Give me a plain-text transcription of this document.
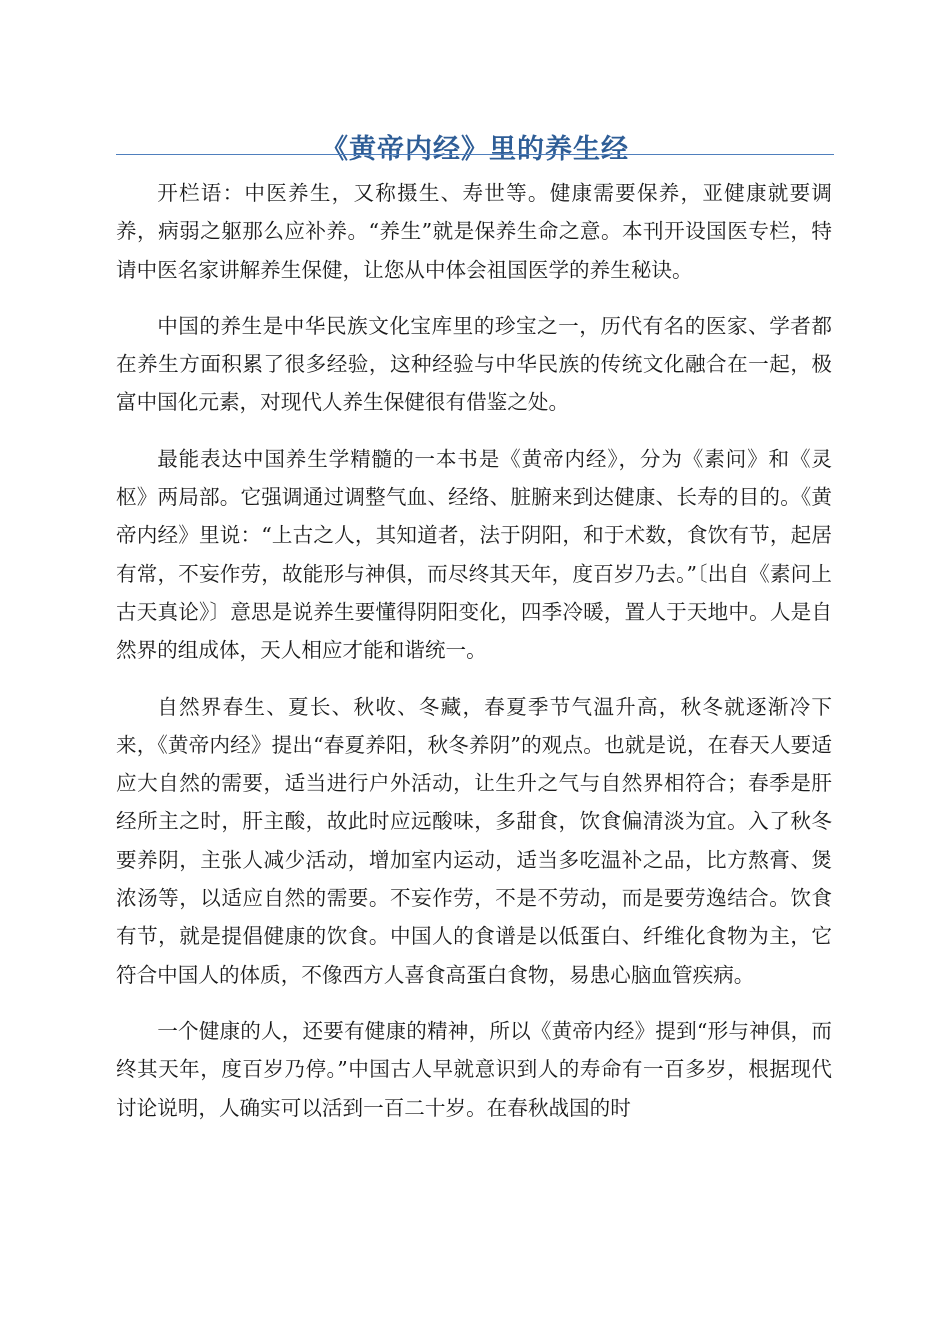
《黄帝内经》里的养生经

开栏语：中医养生，又称摄生、寿世等。健康需要保养，亚健康就要调养，病弱之躯那么应补养。“养生”就是保养生命之意。本刊开设国医专栏，特请中医名家讲解养生保健，让您从中体会祖国医学的养生秘诀。

中国的养生是中华民族文化宝库里的珍宝之一，历代有名的医家、学者都在养生方面积累了很多经验，这种经验与中华民族的传统文化融合在一起，极富中国化元素，对现代人养生保健很有借鉴之处。

最能表达中国养生学精髓的一本书是《黄帝内经》，分为《素问》和《灵枢》两局部。它强调通过调整气血、经络、脏腑来到达健康、长寿的目的。《黄帝内经》里说：“上古之人，其知道者，法于阴阳，和于术数，食饮有节，起居有常，不妄作劳，故能形与神俱，而尽终其天年，度百岁乃去。”〔出自《素问上古天真论》〕意思是说养生要懂得阴阳变化，四季冷暖，置人于天地中。人是自然界的组成体，天人相应才能和谐统一。

自然界春生、夏长、秋收、冬藏，春夏季节气温升高，秋冬就逐渐冷下来，《黄帝内经》提出“春夏养阳，秋冬养阴”的观点。也就是说，在春天人要适应大自然的需要，适当进行户外活动，让生升之气与自然界相符合；春季是肝经所主之时，肝主酸，故此时应远酸味，多甜食，饮食偏清淡为宜。入了秋冬要养阴，主张人减少活动，增加室内运动，适当多吃温补之品，比方熬膏、煲浓汤等，以适应自然的需要。不妄作劳，不是不劳动，而是要劳逸结合。饮食有节，就是提倡健康的饮食。中国人的食谱是以低蛋白、纤维化食物为主，它符合中国人的体质，不像西方人喜食高蛋白食物，易患心脑血管疾病。

一个健康的人，还要有健康的精神，所以《黄帝内经》提到“形与神俱，而终其天年，度百岁乃停。”中国古人早就意识到人的寿命有一百多岁，根据现代讨论说明，人确实可以活到一百二十岁。在春秋战国的时
